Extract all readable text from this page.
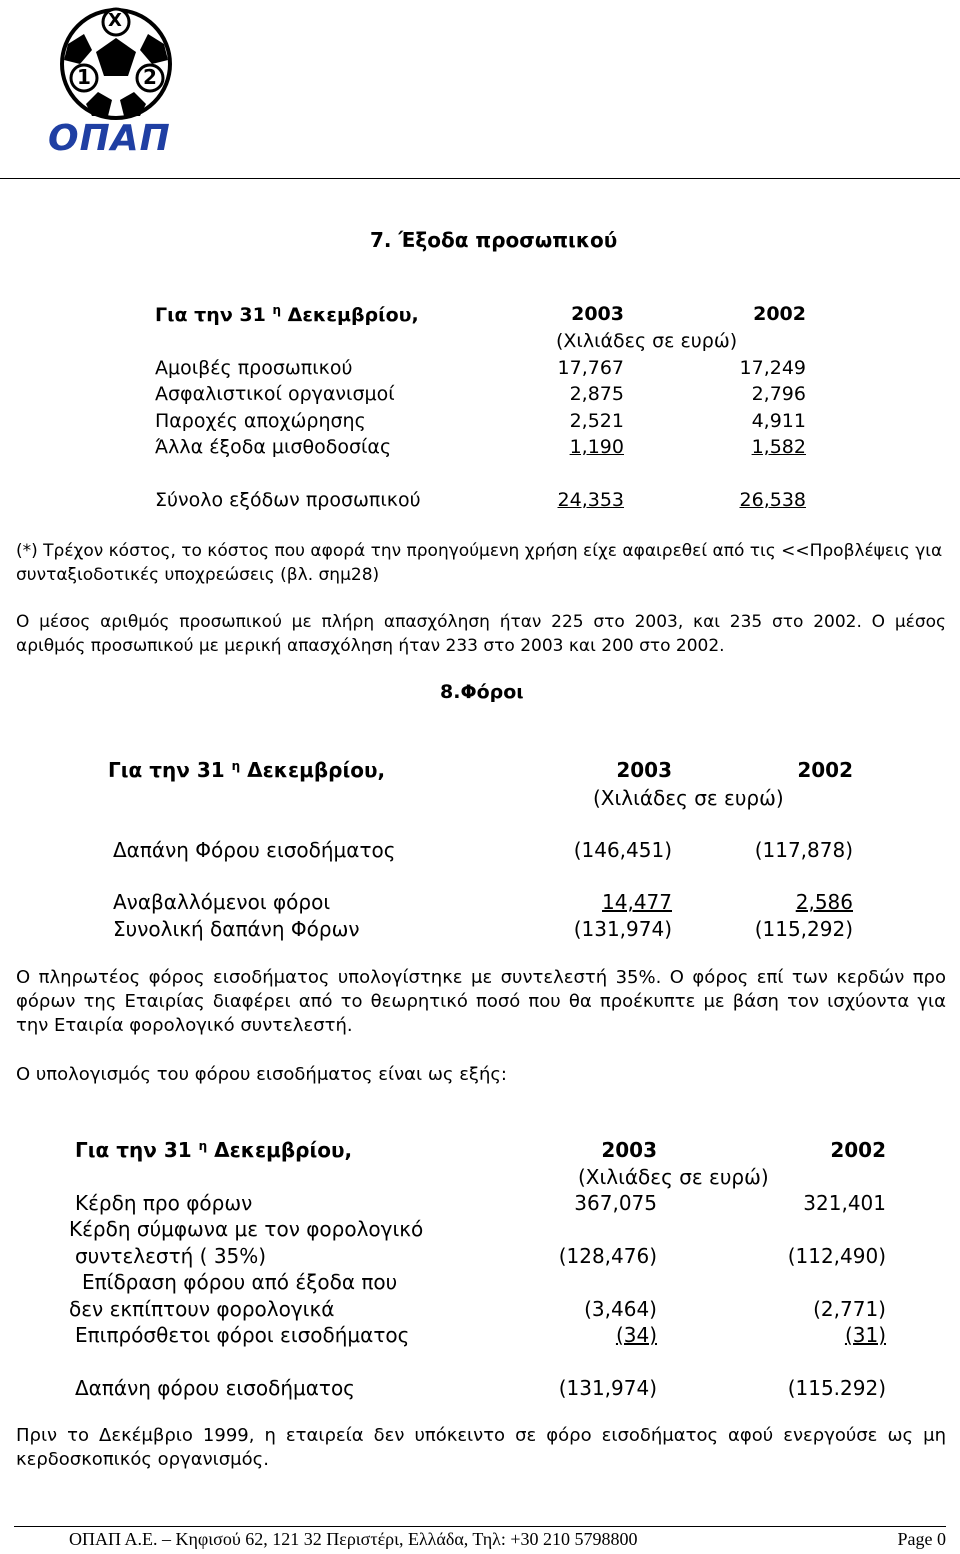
X
1	2
ΟΠΑΠ
7. Έξοδα προσωπικού
Για την 31 $^\eta$ Δεκεμβρίου,	2003	2002
(Χιλιάδες σε ευρώ)
Αμοιβές προσωπικού	17,767	17,249
Ασφαλιστικοί οργανισμοί	2,875	2,796
Παροχές αποχώρησης	2,521	4,911
Άλλα έξοδα μισθοδοσίας	1,190	1,582
Σύνολο εξόδων προσωπικού	24,353	26,538
(*) Τρέχον κόστος, το κόστος που αφορά την προηγούμενη χρήση είχε αφαιρεθεί από τις <<Προβλέψεις για συνταξιοδοτικές υποχρεώσεις (βλ. σημ28)
Ο μέσος αριθμός προσωπικού με πλήρη απασχόληση ήταν 225 στο 2003, και 235 στο 2002. Ο μέσος αριθμός προσωπικού με μερική απασχόληση ήταν 233 στο 2003 και 200 στο 2002.
8.Φόροι
Για την 31 $^\eta$ Δεκεμβρίου,	2003	2002
(Χιλιάδες σε ευρώ)
Δαπάνη Φόρου εισοδήματος	(146,451)	(117,878)
Αναβαλλόμενοι φόροι	14,477	2,586
Συνολική δαπάνη Φόρων	(131,974)	(115,292)
Ο πληρωτέος φόρος εισοδήματος υπολογίστηκε με συντελεστή 35%. Ο φόρος επί των κερδών προ φόρων της Εταιρίας διαφέρει από το θεωρητικό ποσό που θα προέκυπτε με βάση τον ισχύοντα για την Εταιρία φορολογικό συντελεστή.
Ο υπολογισμός του φόρου εισοδήματος είναι ως εξής:
Για την 31 $^\eta$ Δεκεμβρίου,	2003	2002
(Χιλιάδες σε ευρώ)
Κέρδη προ φόρων	367,075	321,401
Κέρδη σύμφωνα με τον φορολογικό
συντελεστή ( 35%)	(128,476)	(112,490)
Επίδραση φόρου από έξοδα που
δεν εκπίπτουν φορολογικά	(3,464)	(2,771)
Επιπρόσθετοι φόροι εισοδήματος	(34)	(31)
Δαπάνη φόρου εισοδήματος	(131,974)	(115.292)
Πριν το Δεκέμβριο 1999, η εταιρεία δεν υπόκειντο σε φόρο εισοδήματος αφού ενεργούσε ως μη κερδοσκοπικός οργανισμός.
ΟΠΑΠ Α.Ε. – Κηφισού 62, 121 32 Περιστέρι, Ελλάδα, Τηλ: +30 210 5798800	Page 0
